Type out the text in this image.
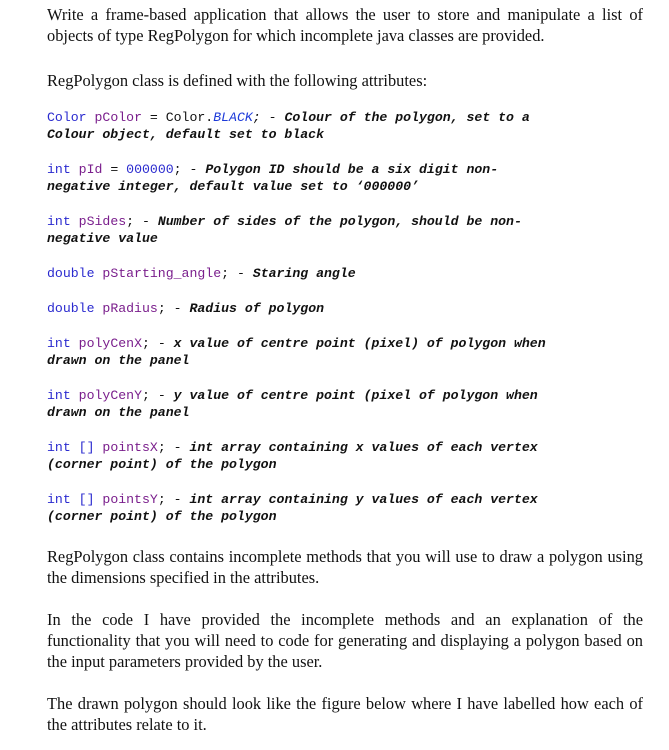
Write a frame-based application that allows the user to store and manipulate a list of objects of type RegPolygon for which incomplete java classes are provided.

RegPolygon class is defined with the following attributes:

Color pColor = Color.BLACK; - Colour of the polygon, set to a
Colour object, default set to black
int pId = 000000; - Polygon ID should be a six digit non-
negative integer, default value set to ‘000000’
int pSides; - Number of sides of the polygon, should be non-
negative value
double pStarting_angle; - Staring angle
double pRadius; - Radius of polygon
int polyCenX; - x value of centre point (pixel) of polygon when
drawn on the panel
int polyCenY; - y value of centre point (pixel of polygon when
drawn on the panel
int [] pointsX; - int array containing x values of each vertex
(corner point) of the polygon
int [] pointsY; - int array containing y values of each vertex
(corner point) of the polygon

RegPolygon class contains incomplete methods that you will use to draw a polygon using the dimensions specified in the attributes.

In the code I have provided the incomplete methods and an explanation of the functionality that you will need to code for generating and displaying a polygon based on the input parameters provided by the user.

The drawn polygon should look like the figure below where I have labelled how each of the attributes relate to it.
